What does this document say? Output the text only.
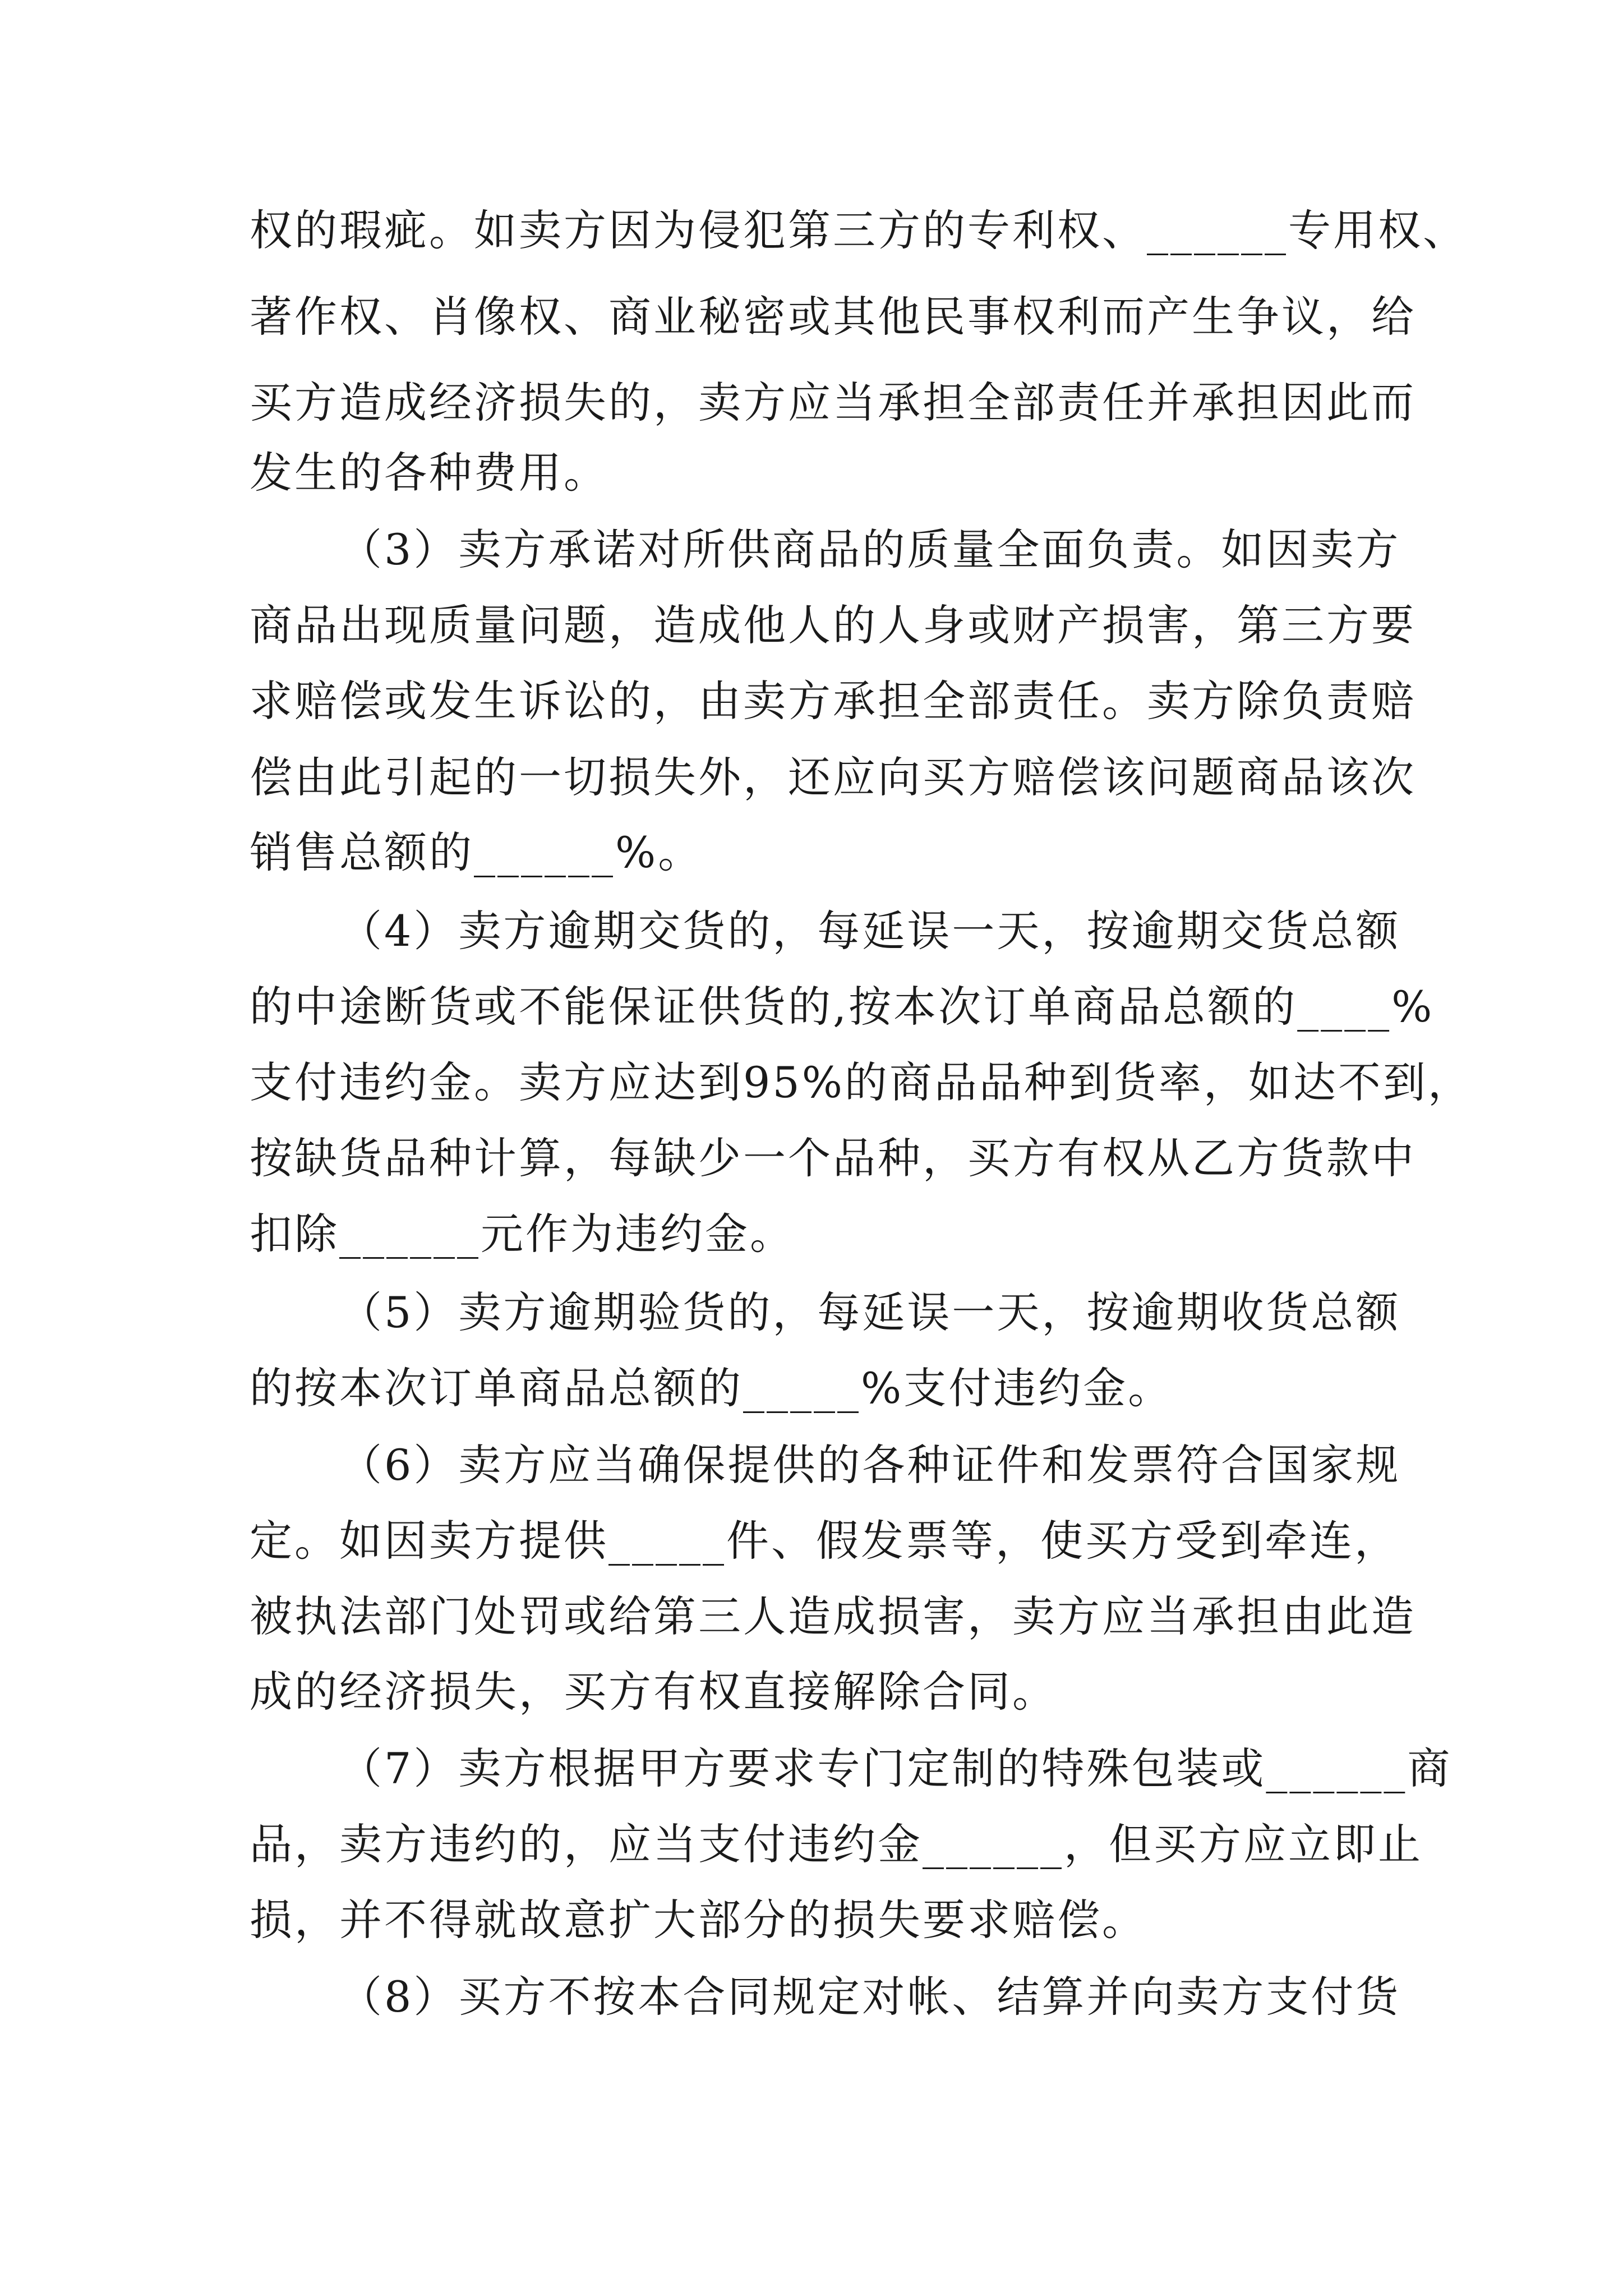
权的瑕疵。如卖方因为侵犯第三方的专利权、______专用权、
著作权、肖像权、商业秘密或其他民事权利而产生争议，给
买方造成经济损失的，卖方应当承担全部责任并承担因此而
发生的各种费用。
（3）卖方承诺对所供商品的质量全面负责。如因卖方
商品出现质量问题，造成他人的人身或财产损害，第三方要
求赔偿或发生诉讼的，由卖方承担全部责任。卖方除负责赔
偿由此引起的一切损失外，还应向买方赔偿该问题商品该次
销售总额的______%。
（4）卖方逾期交货的，每延误一天，按逾期交货总额
的中途断货或不能保证供货的,按本次订单商品总额的____%
支付违约金。卖方应达到95%的商品品种到货率，如达不到，
按缺货品种计算，每缺少一个品种，买方有权从乙方货款中
扣除______元作为违约金。
（5）卖方逾期验货的，每延误一天，按逾期收货总额
的按本次订单商品总额的_____%支付违约金。
（6）卖方应当确保提供的各种证件和发票符合国家规
定。如因卖方提供_____件、假发票等，使买方受到牵连，
被执法部门处罚或给第三人造成损害，卖方应当承担由此造
成的经济损失，买方有权直接解除合同。
（7）卖方根据甲方要求专门定制的特殊包装或______商
品，卖方违约的，应当支付违约金______，但买方应立即止
损，并不得就故意扩大部分的损失要求赔偿。
（8）买方不按本合同规定对帐、结算并向卖方支付货
